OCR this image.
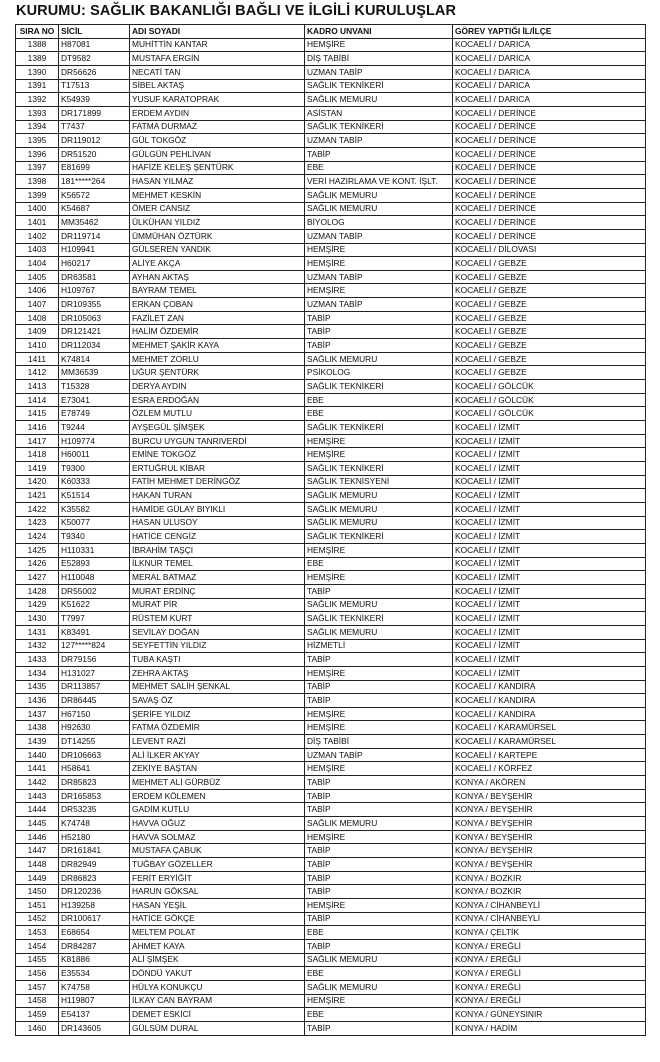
KURUMU: SAĞLIK BAKANLIĞI BAĞLI VE İLGİLİ KURULUŞLAR
SIRA NO	SİCİL	ADI SOYADI	KADRO UNVANI	GÖREV YAPTIĞI İL/İLÇE
1388	H87081	MUHİTTİN KANTAR	HEMŞİRE	KOCAELİ / DARICA
1389	DT9582	MUSTAFA ERGİN	DİŞ TABİBİ	KOCAELİ / DARICA
1390	DR56626	NECATİ TAN	UZMAN TABİP	KOCAELİ / DARICA
1391	T17513	SİBEL AKTAŞ	SAĞLIK TEKNİKERİ	KOCAELİ / DARICA
1392	K54939	YUSUF KARATOPRAK	SAĞLIK MEMURU	KOCAELİ / DARICA
1393	DR171899	ERDEM AYDIN	ASİSTAN	KOCAELİ / DERİNCE
1394	T7437	FATMA DURMAZ	SAĞLIK TEKNİKERİ	KOCAELİ / DERİNCE
1395	DR119012	GÜL TOKGÖZ	UZMAN TABİP	KOCAELİ / DERİNCE
1396	DR51520	GÜLGÜN PEHLİVAN	TABİP	KOCAELİ / DERİNCE
1397	E81699	HAFİZE KELEŞ ŞENTÜRK	EBE	KOCAELİ / DERİNCE
1398	181*****264	HASAN YILMAZ	VERİ HAZIRLAMA VE KONT. İŞLT.	KOCAELİ / DERİNCE
1399	K56572	MEHMET KESKİN	SAĞLIK MEMURU	KOCAELİ / DERİNCE
1400	K54687	ÖMER CANSIZ	SAĞLIK MEMURU	KOCAELİ / DERİNCE
1401	MM35462	ÜLKÜHAN YILDIZ	BİYOLOG	KOCAELİ / DERİNCE
1402	DR119714	ÜMMÜHAN ÖZTÜRK	UZMAN TABİP	KOCAELİ / DERİNCE
1403	H109941	GÜLSEREN YANDIK	HEMŞİRE	KOCAELİ / DİLOVASI
1404	H60217	ALİYE AKÇA	HEMŞİRE	KOCAELİ / GEBZE
1405	DR63581	AYHAN AKTAŞ	UZMAN TABİP	KOCAELİ / GEBZE
1406	H109767	BAYRAM TEMEL	HEMŞİRE	KOCAELİ / GEBZE
1407	DR109355	ERKAN ÇOBAN	UZMAN TABİP	KOCAELİ / GEBZE
1408	DR105063	FAZİLET ZAN	TABİP	KOCAELİ / GEBZE
1409	DR121421	HALİM ÖZDEMİR	TABİP	KOCAELİ / GEBZE
1410	DR112034	MEHMET ŞAKİR KAYA	TABİP	KOCAELİ / GEBZE
1411	K74814	MEHMET ZORLU	SAĞLIK MEMURU	KOCAELİ / GEBZE
1412	MM36539	UĞUR ŞENTÜRK	PSİKOLOG	KOCAELİ / GEBZE
1413	T15328	DERYA AYDIN	SAĞLIK TEKNİKERİ	KOCAELİ / GÖLCÜK
1414	E73041	ESRA ERDOĞAN	EBE	KOCAELİ / GÖLCÜK
1415	E78749	ÖZLEM MUTLU	EBE	KOCAELİ / GÖLCÜK
1416	T9244	AYŞEGÜL ŞİMŞEK	SAĞLIK TEKNİKERİ	KOCAELİ / İZMİT
1417	H109774	BURCU UYGUN TANRIVERDİ	HEMŞİRE	KOCAELİ / İZMİT
1418	H60011	EMİNE TOKGÖZ	HEMŞİRE	KOCAELİ / İZMİT
1419	T9300	ERTUĞRUL KİBAR	SAĞLIK TEKNİKERİ	KOCAELİ / İZMİT
1420	K60333	FATİH MEHMET DERİNGÖZ	SAĞLIK TEKNİSYENİ	KOCAELİ / İZMİT
1421	K51514	HAKAN TURAN	SAĞLIK MEMURU	KOCAELİ / İZMİT
1422	K35582	HAMİDE GÜLAY BIYIKLI	SAĞLIK MEMURU	KOCAELİ / İZMİT
1423	K50077	HASAN ULUSOY	SAĞLIK MEMURU	KOCAELİ / İZMİT
1424	T9340	HATİCE CENGİZ	SAĞLIK TEKNİKERİ	KOCAELİ / İZMİT
1425	H110331	İBRAHİM TAŞÇI	HEMŞİRE	KOCAELİ / İZMİT
1426	E52893	İLKNUR TEMEL	EBE	KOCAELİ / İZMİT
1427	H110048	MERAL BATMAZ	HEMŞİRE	KOCAELİ / İZMİT
1428	DR55002	MURAT ERDİNÇ	TABİP	KOCAELİ / İZMİT
1429	K51622	MURAT PİR	SAĞLIK MEMURU	KOCAELİ / İZMİT
1430	T7997	RÜSTEM KURT	SAĞLIK TEKNİKERİ	KOCAELİ / İZMİT
1431	K83491	SEVİLAY DOĞAN	SAĞLIK MEMURU	KOCAELİ / İZMİT
1432	127*****824	SEYFETTİN YILDIZ	HİZMETLİ	KOCAELİ / İZMİT
1433	DR79156	TUBA KAŞTI	TABİP	KOCAELİ / İZMİT
1434	H131027	ZEHRA AKTAŞ	HEMŞİRE	KOCAELİ / İZMİT
1435	DR113857	MEHMET SALİH ŞENKAL	TABİP	KOCAELİ / KANDIRA
1436	DR86445	SAVAŞ ÖZ	TABİP	KOCAELİ / KANDIRA
1437	H67150	ŞERİFE YILDIZ	HEMŞİRE	KOCAELİ / KANDIRA
1438	H92630	FATMA ÖZDEMİR	HEMŞİRE	KOCAELİ / KARAMÜRSEL
1439	DT14255	LEVENT RAZİ	DİŞ TABİBİ	KOCAELİ / KARAMÜRSEL
1440	DR106663	ALİ İLKER AKYAY	UZMAN TABİP	KOCAELİ / KARTEPE
1441	H58641	ZEKİYE BAŞTAN	HEMŞİRE	KOCAELİ / KÖRFEZ
1442	DR85823	MEHMET ALİ GÜRBÜZ	TABİP	KONYA / AKÖREN
1443	DR165853	ERDEM KÖLEMEN	TABİP	KONYA / BEYŞEHİR
1444	DR53235	GADİM KUTLU	TABİP	KONYA / BEYŞEHİR
1445	K74748	HAVVA OĞUZ	SAĞLIK MEMURU	KONYA / BEYŞEHİR
1446	H52180	HAVVA SOLMAZ	HEMŞİRE	KONYA / BEYŞEHİR
1447	DR161841	MUSTAFA ÇABUK	TABİP	KONYA / BEYŞEHİR
1448	DR82949	TUĞBAY GÖZELLER	TABİP	KONYA / BEYŞEHİR
1449	DR86823	FERİT ERYİĞİT	TABİP	KONYA / BOZKIR
1450	DR120236	HARUN GÖKSAL	TABİP	KONYA / BOZKIR
1451	H139258	HASAN YEŞİL	HEMŞİRE	KONYA / CİHANBEYLİ
1452	DR100617	HATİCE GÖKÇE	TABİP	KONYA / CİHANBEYLİ
1453	E68654	MELTEM POLAT	EBE	KONYA / ÇELTİK
1454	DR84287	AHMET KAYA	TABİP	KONYA / EREĞLİ
1455	K81886	ALİ ŞİMŞEK	SAĞLIK MEMURU	KONYA / EREĞLİ
1456	E35534	DÖNDÜ YAKUT	EBE	KONYA / EREĞLİ
1457	K74758	HÜLYA KONUKÇU	SAĞLIK MEMURU	KONYA / EREĞLİ
1458	H119807	İLKAY CAN BAYRAM	HEMŞİRE	KONYA / EREĞLİ
1459	E54137	DEMET ESKİCİ	EBE	KONYA / GÜNEYSINIR
1460	DR143605	GÜLSÜM DURAL	TABİP	KONYA / HADİM
